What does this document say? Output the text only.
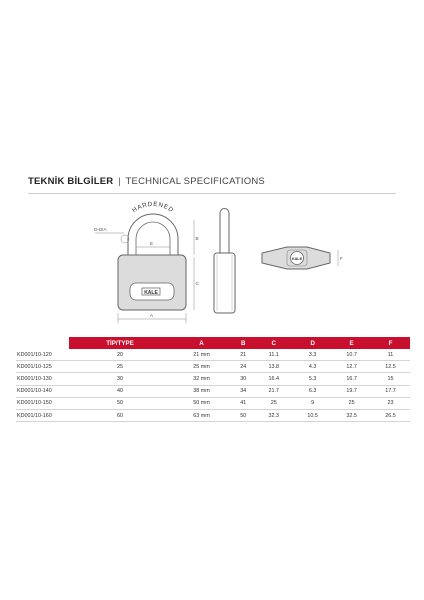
TEKNİK BİLGİLER | TECHNICAL SPECIFICATIONS
HARDENED
KALE
D-DIA
E
A
B
C
KALE	F
	TİP/TYPE	A	B	C	D	E	F
KD001/10-120	20	21 mm	21	11.1	3.3	10.7	11
KD001/10-125	25	25 mm	24	13.8	4.3	12.7	12.5
KD001/10-130	30	32 mm	30	16.4	5.3	16.7	15
KD001/10-140	40	38 mm	34	21.7	6.3	19.7	17.7
KD001/10-150	50	50 mm	41	25	9	25	23
KD001/10-160	60	63 mm	50	32.3	10.5	32.5	26.5
